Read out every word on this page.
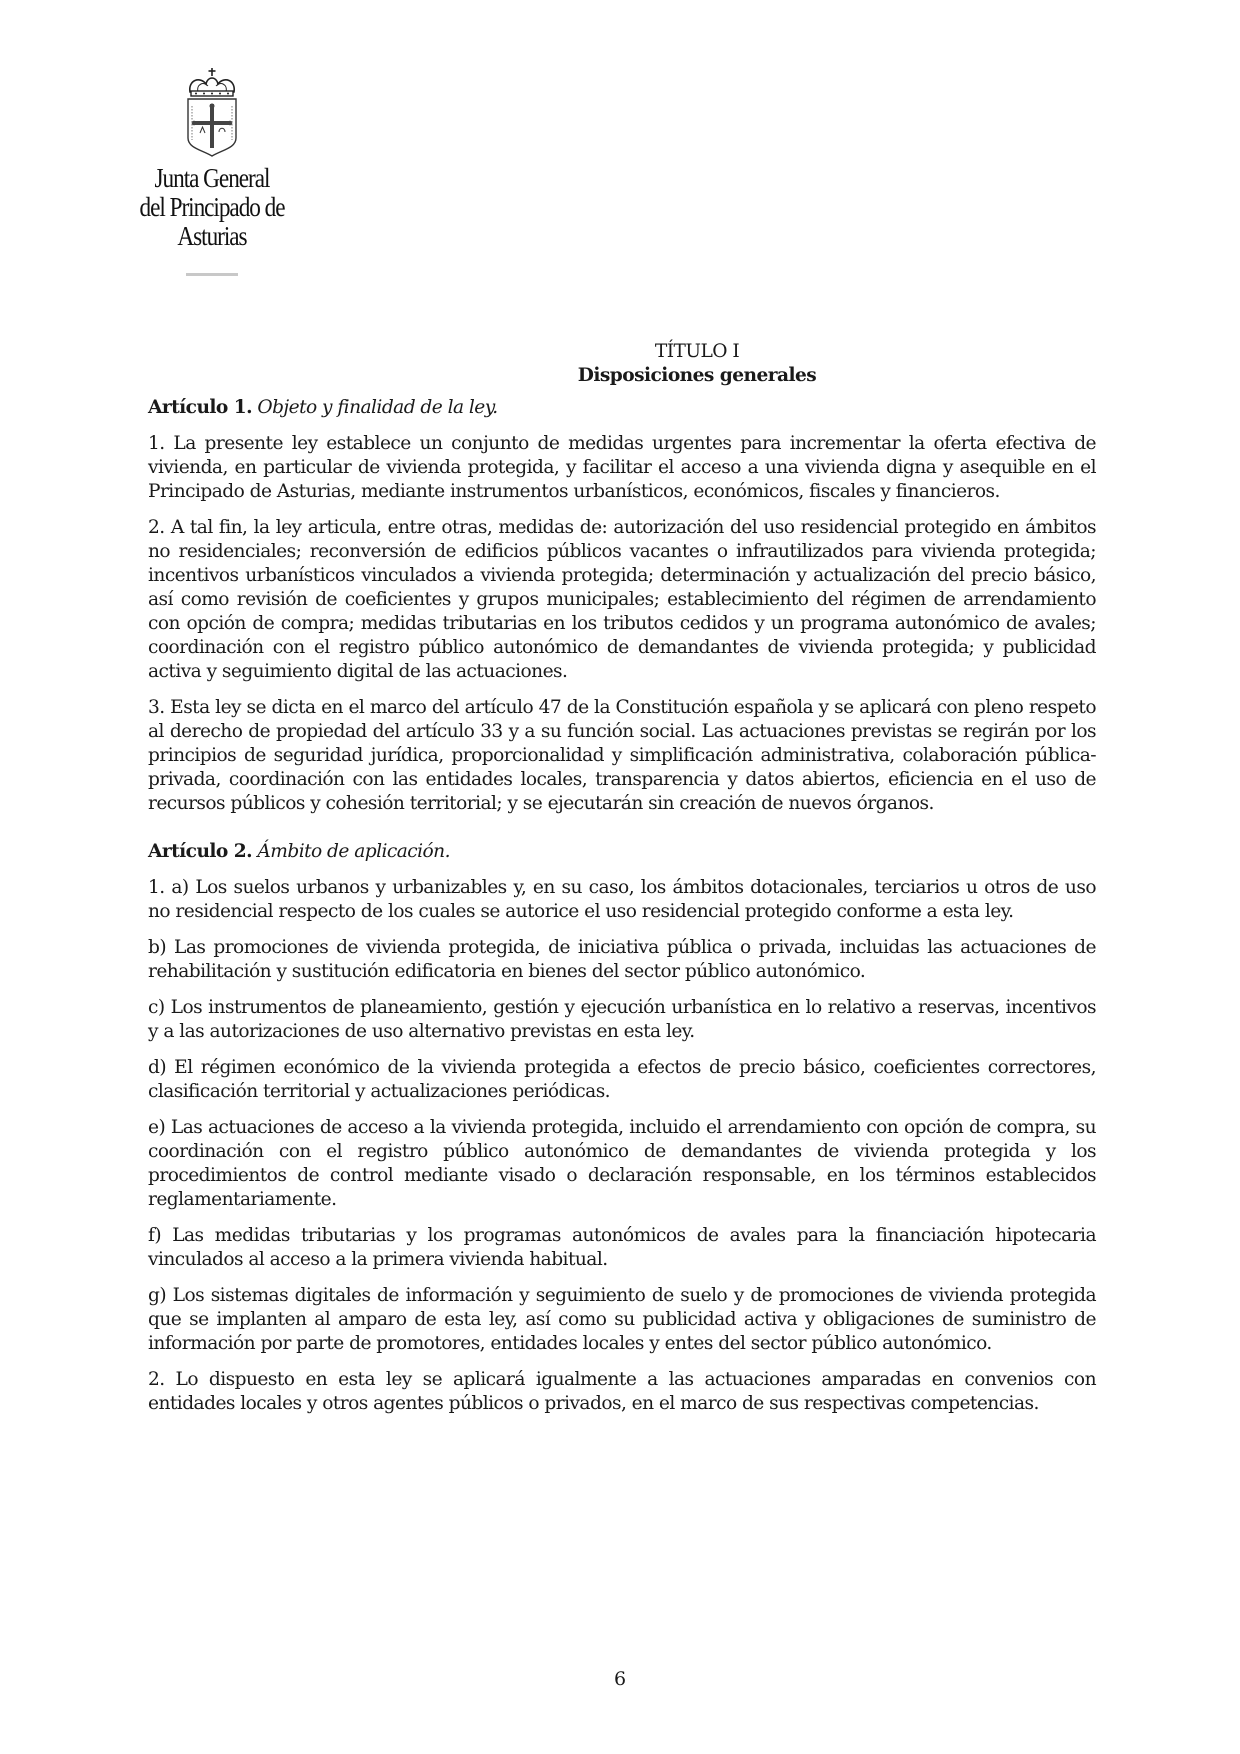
Junta General
del Principado de Asturias

TÍTULO I

Disposiciones generales

Artículo 1. Objeto y finalidad de la ley.

1. La presente ley establece un conjunto de medidas urgentes para incrementar la oferta efectiva de vivienda, en particular de vivienda protegida, y facilitar el acceso a una vivienda digna y asequible en el Principado de Asturias, mediante instrumentos urbanísticos, económicos, fiscales y financieros.

2. A tal fin, la ley articula, entre otras, medidas de: autorización del uso residencial protegido en ámbitos no residenciales; reconversión de edificios públicos vacantes o infrautilizados para vivienda protegida; incentivos urbanísticos vinculados a vivienda protegida; determinación y actualización del precio básico, así como revisión de coeficientes y grupos municipales; establecimiento del régimen de arrendamiento con opción de compra; medidas tributarias en los tributos cedidos y un programa autonómico de avales; coordinación con el registro público autonómico de demandantes de vivienda protegida; y publicidad activa y seguimiento digital de las actuaciones.

3. Esta ley se dicta en el marco del artículo 47 de la Constitución española y se aplicará con pleno respeto al derecho de propiedad del artículo 33 y a su función social. Las actuaciones previstas se regirán por los principios de seguridad jurídica, proporcionalidad y simplificación administrativa, colaboración pública-privada, coordinación con las entidades locales, transparencia y datos abiertos, eficiencia en el uso de recursos públicos y cohesión territorial; y se ejecutarán sin creación de nuevos órganos.

Artículo 2. Ámbito de aplicación.

1. a) Los suelos urbanos y urbanizables y, en su caso, los ámbitos dotacionales, terciarios u otros de uso no residencial respecto de los cuales se autorice el uso residencial protegido conforme a esta ley.

b) Las promociones de vivienda protegida, de iniciativa pública o privada, incluidas las actuaciones de rehabilitación y sustitución edificatoria en bienes del sector público autonómico.

c) Los instrumentos de planeamiento, gestión y ejecución urbanística en lo relativo a reservas, incentivos y a las autorizaciones de uso alternativo previstas en esta ley.

d) El régimen económico de la vivienda protegida a efectos de precio básico, coeficientes correctores, clasificación territorial y actualizaciones periódicas.

e) Las actuaciones de acceso a la vivienda protegida, incluido el arrendamiento con opción de compra, su coordinación con el registro público autonómico de demandantes de vivienda protegida y los procedimientos de control mediante visado o declaración responsable, en los términos establecidos reglamentariamente.

f) Las medidas tributarias y los programas autonómicos de avales para la financiación hipotecaria vinculados al acceso a la primera vivienda habitual.

g) Los sistemas digitales de información y seguimiento de suelo y de promociones de vivienda protegida que se implanten al amparo de esta ley, así como su publicidad activa y obligaciones de suministro de información por parte de promotores, entidades locales y entes del sector público autonómico.

2. Lo dispuesto en esta ley se aplicará igualmente a las actuaciones amparadas en convenios con entidades locales y otros agentes públicos o privados, en el marco de sus respectivas competencias.

6
